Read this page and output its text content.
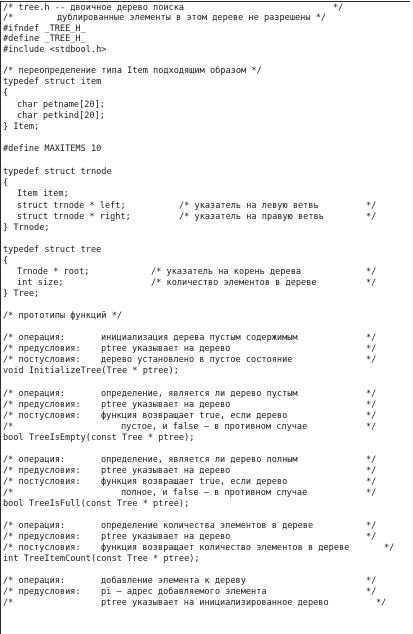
/* tree.h -- двоичное дерево поиска	*/
/*	дублированные элементы в этом дереве не разрешены */
#ifndef _TREE_H_
#define _TREE_H_
#include <stdbool.h>
/* переопределение типа Item подходящим образом */
typedef struct item
{
char petname[20];
char petkind[20];
} Item;
#define MAXITEMS 10
typedef struct trnode
{
Item item;
struct trnode * left;	/* указатель на левую ветвь	*/
struct trnode * right;	/* указатель на правую ветвь	*/
} Trnode;
typedef struct tree
{
Trnode * root;	/* указатель на корень дерева	*/
int size;	/* количество элементов в дереве	*/
} Tree;
/* прототипы функций */
/* операция:	инициализация дерева пустым содержимым	*/
/* предусловия: ptree указывает на дерево	*/
/* постусловия: дерево установлено в пустое состояние	*/
void InitializeTree(Tree * ptree);
/* операция:	определение, является ли дерево пустым	*/
/* предусловия: ptree указывает на дерево	*/
/* постусловия: функция возвращает true, если дерево	*/
/*	пустое, и false – в противном случае	*/
bool TreeIsEmpty(const Tree * ptree);
/* операция:	определение, является ли дерево полным	*/
/* предусловия: ptree указывает на дерево	*/
/* постусловия: функция возвращает true, если дерево	*/
/*	полное, и false – в противном случае	*/
bool TreeIsFull(const Tree * ptree);
/* операция:	определение количества элементов в дереве	*/
/* предусловия: ptree указывает на дерево	*/
/* постусловия: функция возвращает количество элементов в дереве	*/
int TreeItemCount(const Tree * ptree);
/* операция:	добавление элемента к дереву	*/
/* предусловия: pi – адрес добавляемого элемента	*/
/*	ptree указывает на инициализированное дерево	*/
